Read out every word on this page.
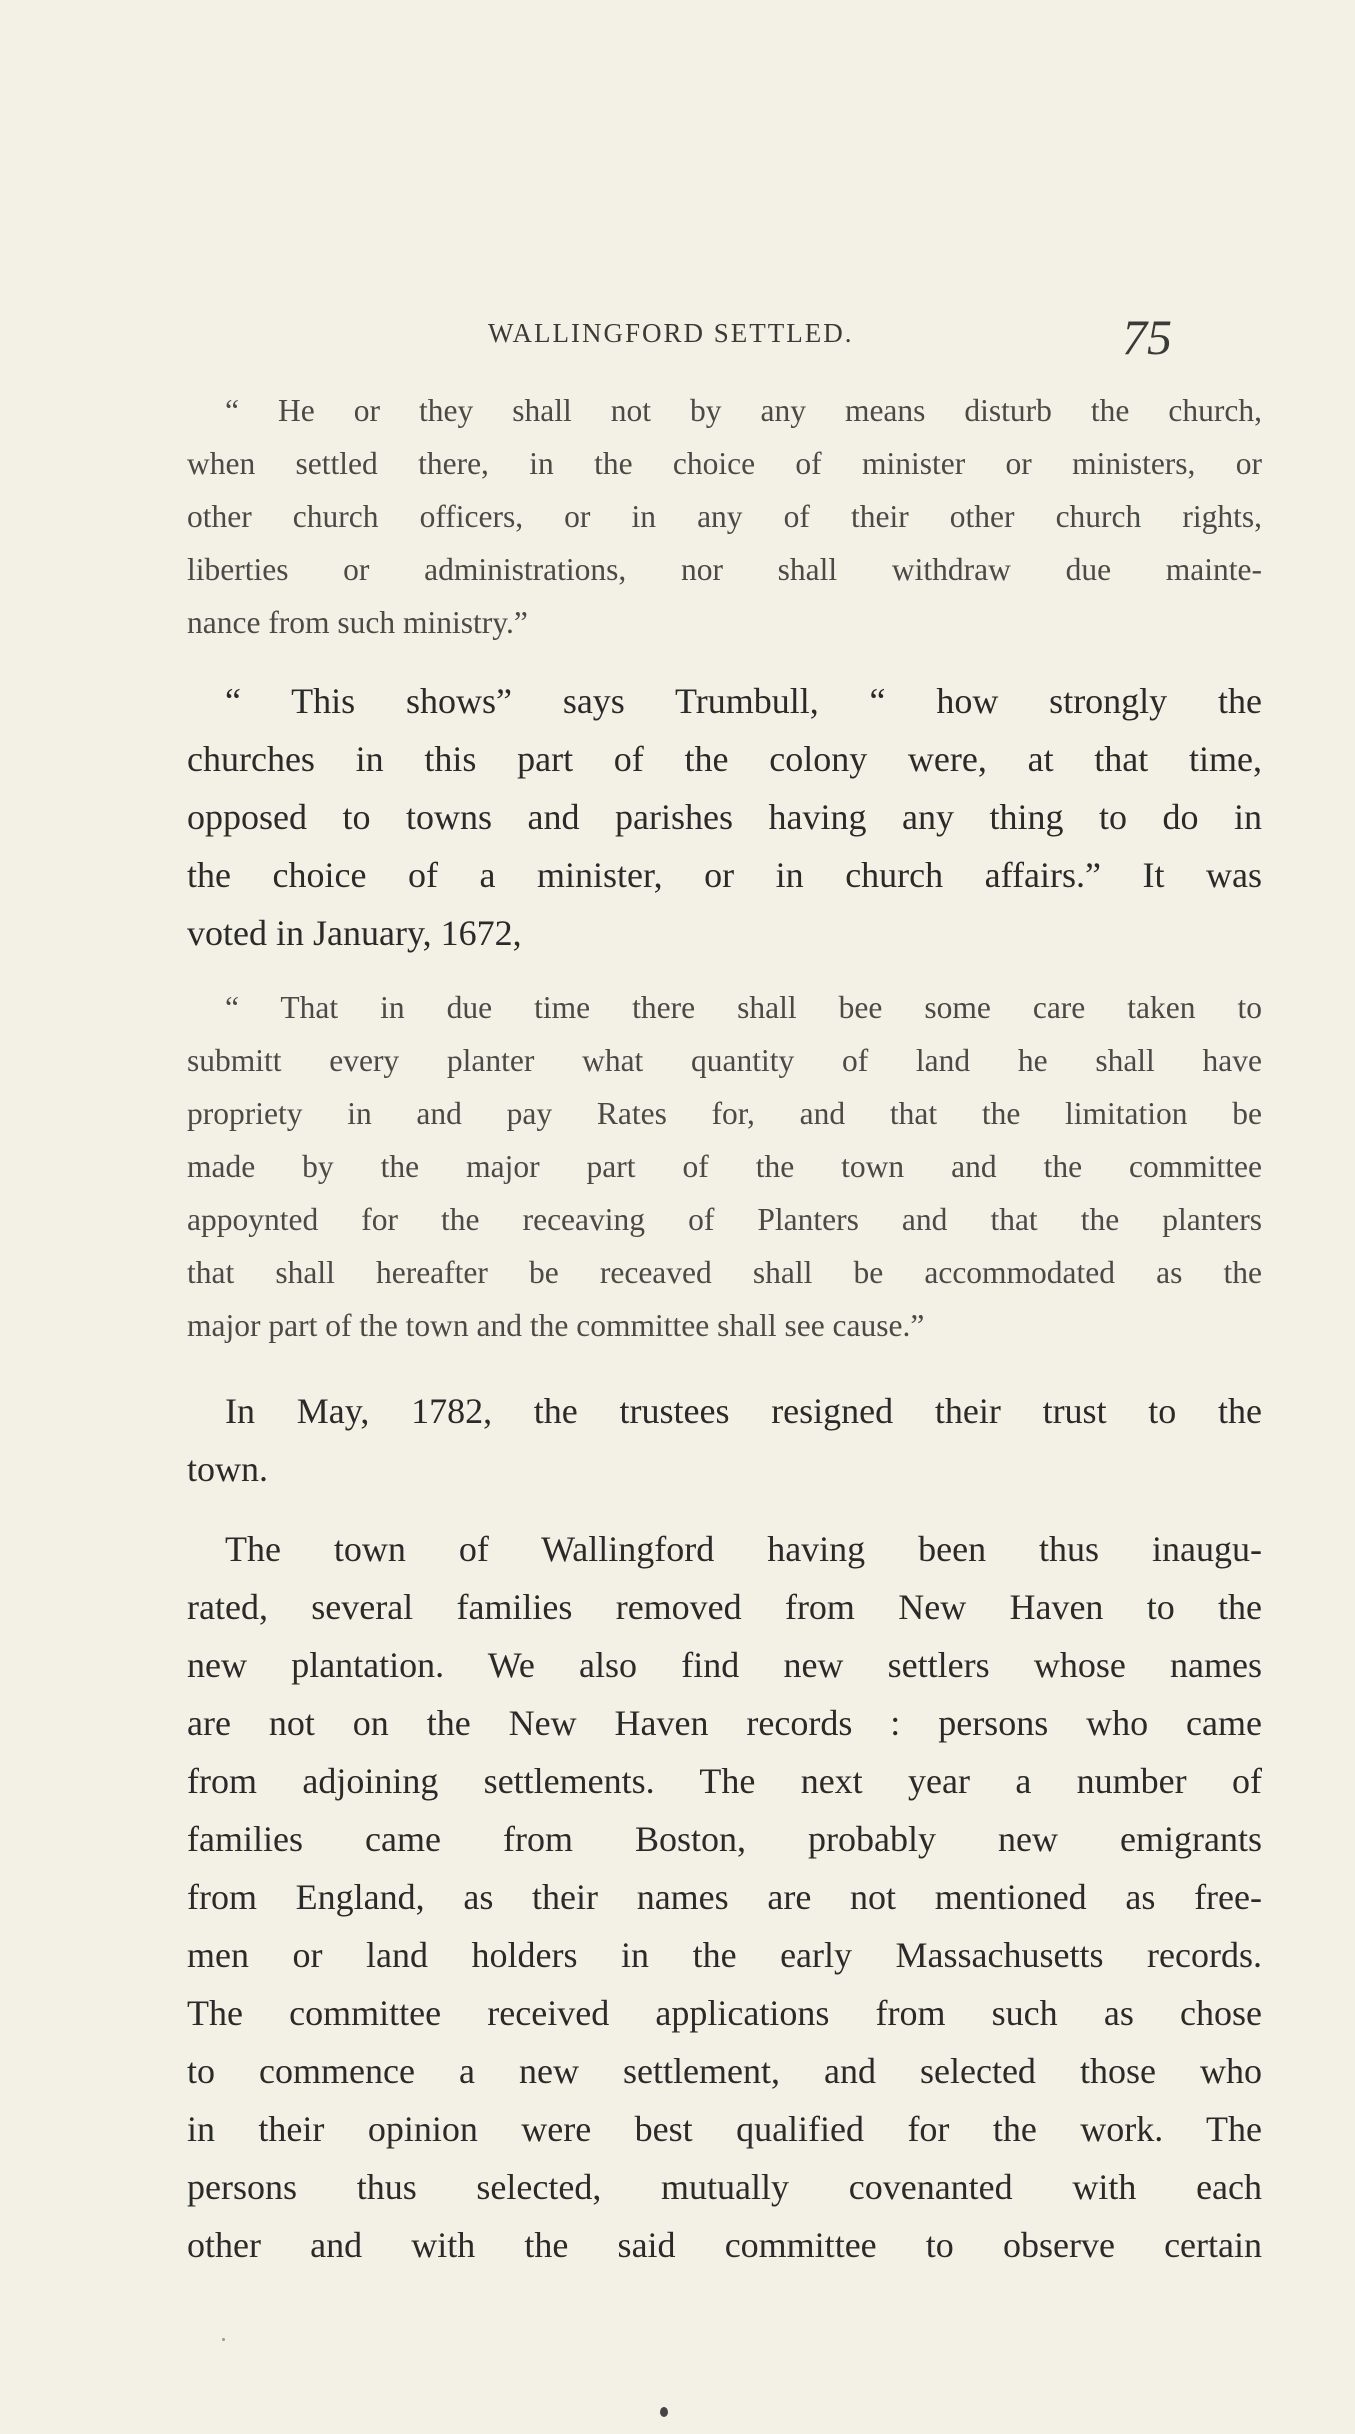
WALLINGFORD SETTLED.	75
“ He or they shall not by any means disturb the church,
when settled there, in the choice of minister or ministers, or
other church officers, or in any of their other church rights,
liberties or administrations, nor shall withdraw due mainte-
nance from such ministry.”
“ This shows” says Trumbull, “ how strongly the
churches in this part of the colony were, at that time,
opposed to towns and parishes having any thing to do in
the choice of a minister, or in church affairs.” It was
voted in January, 1672,
“ That in due time there shall bee some care taken to
submitt every planter what quantity of land he shall have
propriety in and pay Rates for, and that the limitation be
made by the major part of the town and the committee
appoynted for the receaving of Planters and that the planters
that shall hereafter be receaved shall be accommodated as the
major part of the town and the committee shall see cause.”
In May, 1782, the trustees resigned their trust to the
town.
The town of Wallingford having been thus inaugu-
rated, several families removed from New Haven to the
new plantation. We also find new settlers whose names
are not on the New Haven records : persons who came
from adjoining settlements. The next year a number of
families came from Boston, probably new emigrants
from England, as their names are not mentioned as free-
men or land holders in the early Massachusetts records.
The committee received applications from such as chose
to commence a new settlement, and selected those who
in their opinion were best qualified for the work. The
persons thus selected, mutually covenanted with each
other and with the said committee to observe certain
